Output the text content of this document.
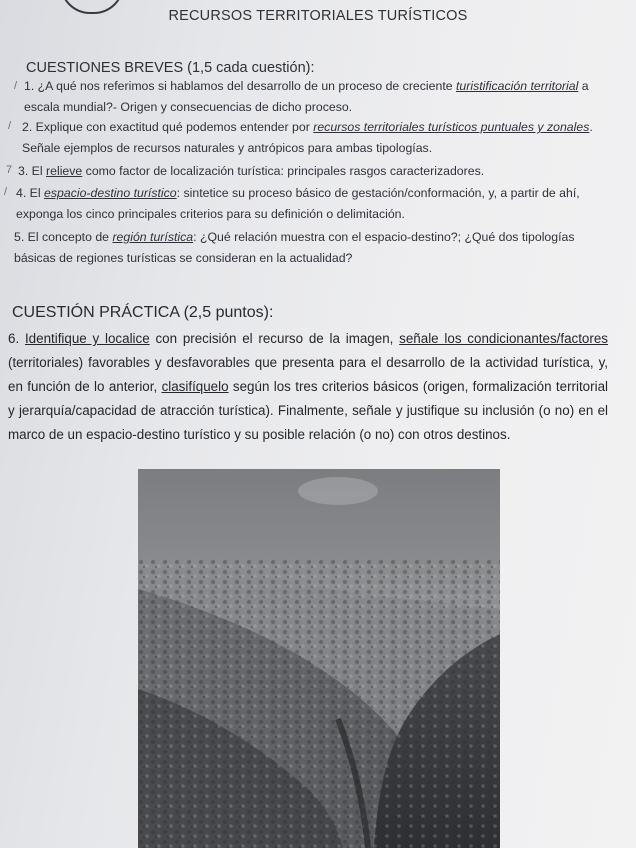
RECURSOS TERRITORIALES TURÍSTICOS
CUESTIONES BREVES (1,5 cada cuestión):
/ 1. ¿A qué nos referimos si hablamos del desarrollo de un proceso de creciente turistificación territorial a escala mundial?- Origen y consecuencias de dicho proceso.
/ 2. Explique con exactitud qué podemos entender por recursos territoriales turísticos puntuales y zonales. Señale ejemplos de recursos naturales y antrópicos para ambas tipologías.
7 3. El relieve como factor de localización turística: principales rasgos caracterizadores.
/ 4. El espacio-destino turístico: sintetice su proceso básico de gestación/conformación, y, a partir de ahí, exponga los cinco principales criterios para su definición o delimitación.
5. El concepto de región turística: ¿Qué relación muestra con el espacio-destino?; ¿Qué dos tipologías básicas de regiones turísticas se consideran en la actualidad?
CUESTIÓN PRÁCTICA (2,5 puntos):
6. Identifique y localice con precisión el recurso de la imagen, señale los condicionantes/factores (territoriales) favorables y desfavorables que presenta para el desarrollo de la actividad turística, y, en función de lo anterior, clasifíquelo según los tres criterios básicos (origen, formalización territorial y jerarquía/capacidad de atracción turística). Finalmente, señale y justifique su inclusión (o no) en el marco de un espacio-destino turístico y su posible relación (o no) con otros destinos.
